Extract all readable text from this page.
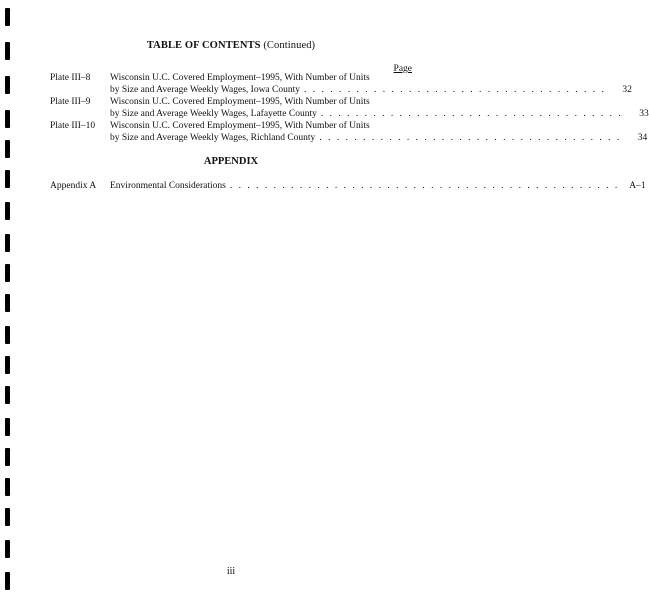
TABLE OF CONTENTS (Continued)
Page
Plate III–8 Wisconsin U.C. Covered Employment–1995, With Number of Units
by Size and Average Weekly Wages, Iowa County . . . . . . . . . . . . . . . . . . . . . . . . . . . . . . . . . . .	32
Plate III–9 Wisconsin U.C. Covered Employment–1995, With Number of Units
by Size and Average Weekly Wages, Lafayette County . . . . . . . . . . . . . . . . . . . . . . . . . . . . . . . . . . .	33
Plate III–10 Wisconsin U.C. Covered Employment–1995, With Number of Units
by Size and Average Weekly Wages, Richland County . . . . . . . . . . . . . . . . . . . . . . . . . . . . . . . . . . .	34
APPENDIX
Appendix A Environmental Considerations . . . . . . . . . . . . . . . . . . . . . . . . . . . . . . . . . . . . . . . . . . . . .	A–1
iii
